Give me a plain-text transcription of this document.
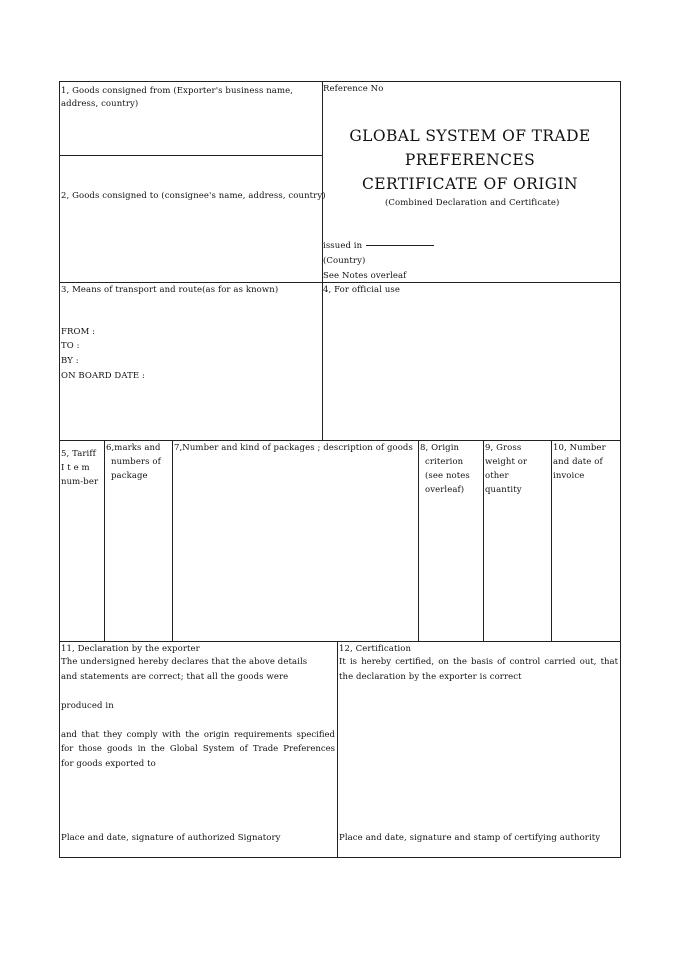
1, Goods consigned from (Exporter's business name,
address, country)
2, Goods consigned to (consignee's name, address, country)
Reference No
GLOBAL SYSTEM OF TRADE
PREFERENCES
CERTIFICATE OF ORIGIN
(Combined Declaration and Certificate)
issued in
(Country)
See Notes overleaf
3, Means of transport and route(as for as known)
FROM :
TO :
BY :
ON BOARD DATE :
4, For official use
5, Tariff
I t e m
num-ber
6,marks and
numbers of
package
7,Number and kind of packages ; description of goods 8, Origin
criterion
(see notes
overleaf)
9, Gross
weight or
other
quantity
10, Number
and date of
invoice
11, Declaration by the exporter
The undersigned hereby declares that the above details
and statements are correct; that all the goods were
produced in
and that they comply with the origin requirements specified
for those goods in the Global System of Trade Preferences
for goods exported to
Place and date, signature of authorized Signatory
12, Certification
It is hereby certified, on the basis of control carried out, that
the declaration by the exporter is correct
Place and date, signature and stamp of certifying authority
